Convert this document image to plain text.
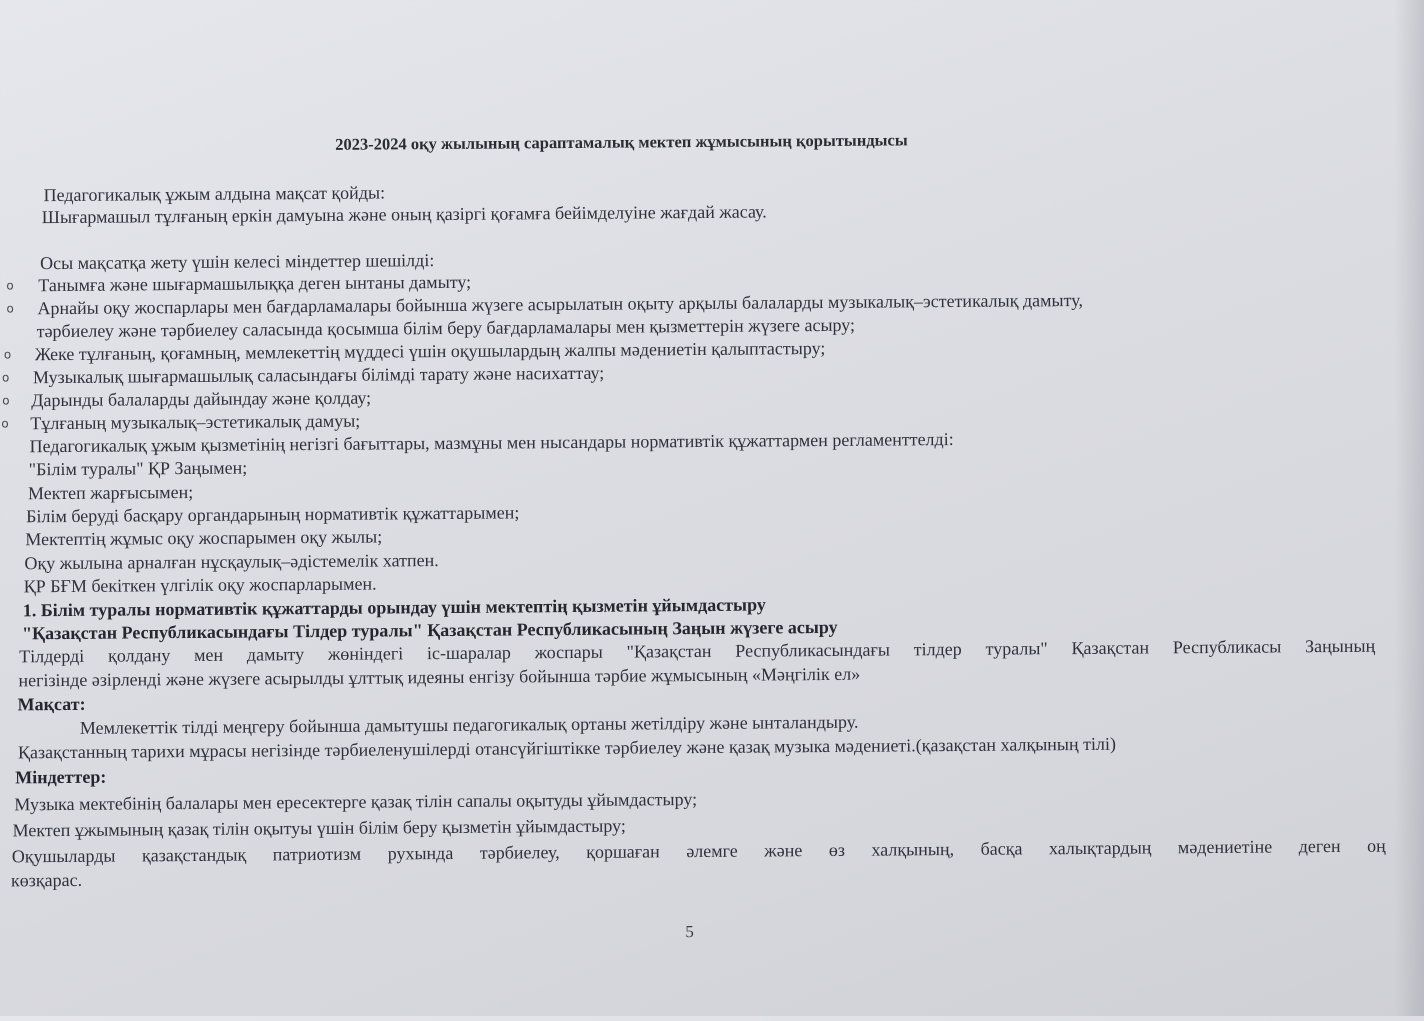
2023-2024 оқу жылының сараптамалық мектеп жұмысының қорытындысы
Педагогикалық ұжым алдына мақсат қойды:
Шығармашыл тұлғаның еркін дамуына және оның қазіргі қоғамға бейімделуіне жағдай жасау.
Осы мақсатқа жету үшін келесі міндеттер шешілді:
o Танымға және шығармашылыққа деген ынтаны дамыту;
o Арнайы оқу жоспарлары мен бағдарламалары бойынша жүзеге асырылатын оқыту арқылы балаларды музыкалық–эстетикалық дамыту,
тәрбиелеу және тәрбиелеу саласында қосымша білім беру бағдарламалары мен қызметтерін жүзеге асыру;
o Жеке тұлғаның, қоғамның, мемлекеттің мүддесі үшін оқушылардың жалпы мәдениетін қалыптастыру;
o Музыкалық шығармашылық саласындағы білімді тарату және насихаттау;
o Дарынды балаларды дайындау және қолдау;
o Тұлғаның музыкалық–эстетикалық дамуы;
Педагогикалық ұжым қызметінің негізгі бағыттары, мазмұны мен нысандары нормативтік құжаттармен регламенттелді:
"Білім туралы" ҚР Заңымен;
Мектеп жарғысымен;
Білім беруді басқару органдарының нормативтік құжаттарымен;
Мектептің жұмыс оқу жоспарымен оқу жылы;
Оқу жылына арналған нұсқаулық–әдістемелік хатпен.
ҚР БҒМ бекіткен үлгілік оқу жоспарларымен.
1. Білім туралы нормативтік құжаттарды орындау үшін мектептің қызметін ұйымдастыру
"Қазақстан Республикасындағы Тілдер туралы" Қазақстан Республикасының Заңын жүзеге асыру
Тілдерді қолдану мен дамыту жөніндегі іс-шаралар жоспары "Қазақстан Республикасындағы тілдер туралы" Қазақстан Республикасы Заңының
негізінде әзірленді және жүзеге асырылды ұлттық идеяны енгізу бойынша тәрбие жұмысының «Мәңгілік ел»
Мақсат:
Мемлекеттік тілді меңгеру бойынша дамытушы педагогикалық ортаны жетілдіру және ынталандыру.
Қазақстанның тарихи мұрасы негізінде тәрбиеленушілерді отансүйгіштікке тәрбиелеу және қазақ музыка мәдениеті.(қазақстан халқының тілі)
Міндеттер:
Музыка мектебінің балалары мен ересектерге қазақ тілін сапалы оқытуды ұйымдастыру;
Мектеп ұжымының қазақ тілін оқытуы үшін білім беру қызметін ұйымдастыру;
Оқушыларды қазақстандық патриотизм рухында тәрбиелеу, қоршаған әлемге және өз халқының, басқа халықтардың мәдениетіне деген оң
көзқарас.
5
